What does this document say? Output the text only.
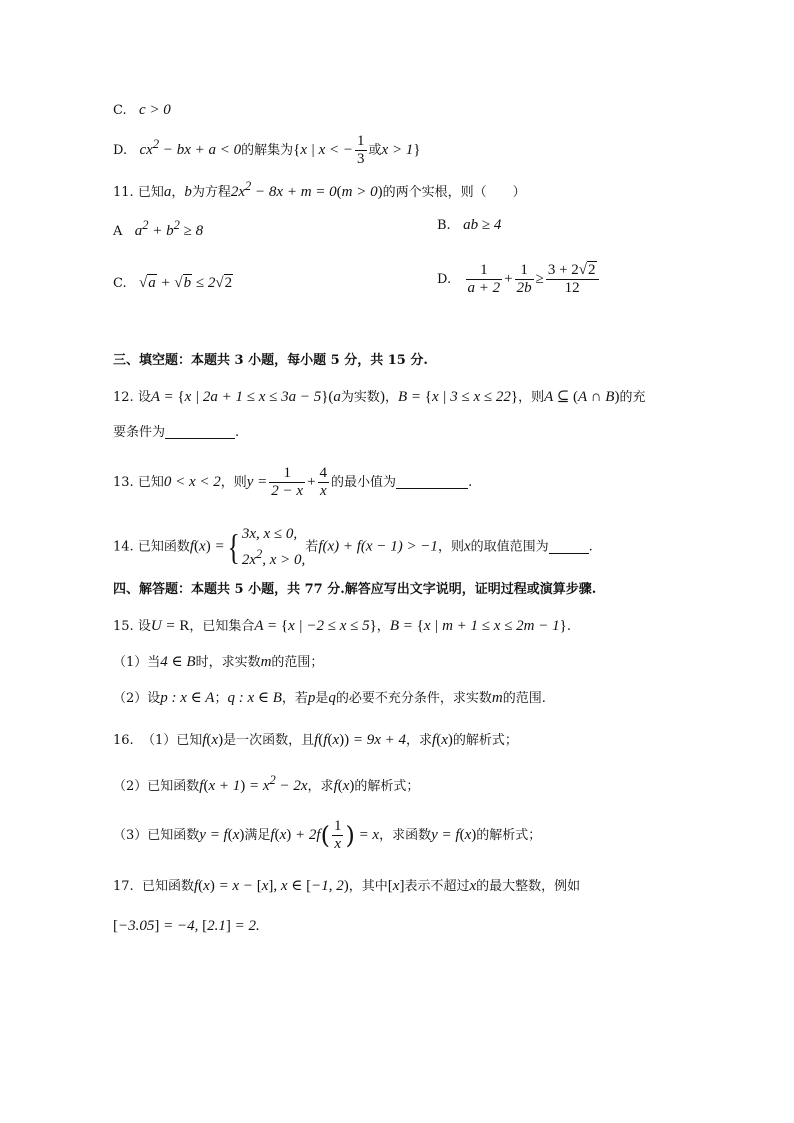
C. c > 0
D. $cx^2$ − bx + a < 0的解集为{x | x < − $\frac{1}{3}$ 或x > 1}
11. 已知a，b为方程$2x^2 - 8x + m = 0(m > 0)$的两个实根，则（　　）
A $a^2 + b^2 \ge 8$	B. ab ≥ 4
C. √a + √b ≤ 2√2	D. $\frac{1}{a + 2} + \frac{1}{2b} \ge \frac{3 + 2√2}{12}$
三、填空题：本题共 3 小题，每小题 5 分，共 15 分.
12. 设A = {x | 2a + 1 ≤ x ≤ 3a − 5}(a为实数)，B = {x | 3 ≤ x ≤ 22}，则A ⊆ (A ∩ B)的充
要条件为	.
13. 已知0 < x < 2，则$y = \frac{1}{2 - x} + \frac{4}{x}$ 的最小值为	.
14. 已知函数f(x) ={ 3x, x ≤ 0,
$2x^2$, x > 0,
若f(x) + f(x − 1) > −1，则x的取值范围为	.
四、解答题：本题共 5 小题，共 77 分.解答应写出文字说明，证明过程或演算步骤.
15. 设U = R，已知集合A = {x | −2 ≤ x ≤ 5}，B = {x | m + 1 ≤ x ≤ 2m − 1}.
（1）当4 ∈ B时，求实数m的范围；
（2）设p : x ∈ A；q : x ∈ B，若p是q的必要不充分条件，求实数m的范围.
16. （1）已知f(x)是一次函数，且f(f(x)) = 9x + 4，求f(x)的解析式；
（2）已知函数$f(x + 1) = x^2 - 2x$，求f(x)的解析式；
（3）已知函数y = f(x)满足$f(x) + 2f( \frac{1}{x}$ ) = x，求函数y = f(x)的解析式；
17. 已知函数f(x) = x − [x], x ∈ [−1, 2)，其中[x]表示不超过x的最大整数，例如
[−3.05] = −4, [2.1] = 2.
